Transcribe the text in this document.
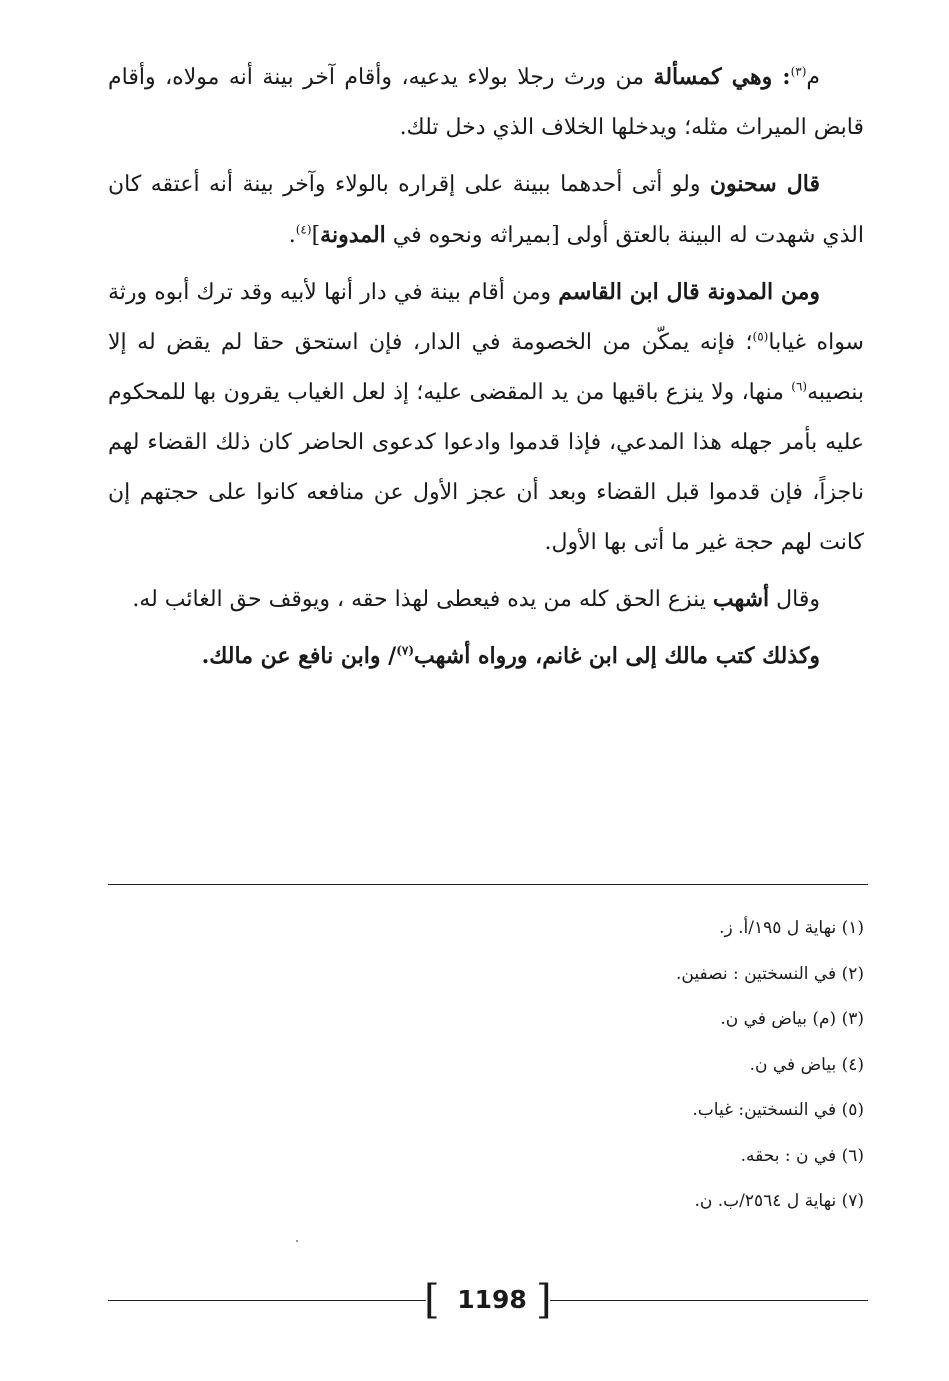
م$^{(٣)}$: وهي كمسألة من ورث رجلا بولاء يدعيه، وأقام آخر بينة أنه مولاه، وأقام قابض الميراث مثله؛ ويدخلها الخلاف الذي دخل تلك.

قال سحنون ولو أتى أحدهما ببينة على إقراره بالولاء وآخر بينة أنه أعتقه كان الذي شهدت له البينة بالعتق أولى [بميراثه ونحوه في المدونة]$^{(٤)}$.

ومن المدونة قال ابن القاسم ومن أقام بينة في دار أنها لأبيه وقد ترك أبوه ورثة سواه غيابا$^{(٥)}$؛ فإنه يمكّن من الخصومة في الدار، فإن استحق حقا لم يقض له إلا بنصيبه$^{(٦)}$ منها، ولا ينزع باقيها من يد المقضى عليه؛ إذ لعل الغياب يقرون بها للمحكوم عليه بأمر جهله هذا المدعي، فإذا قدموا وادعوا كدعوى الحاضر كان ذلك القضاء لهم ناجزاً، فإن قدموا قبل القضاء وبعد أن عجز الأول عن منافعه كانوا على حجتهم إن كانت لهم حجة غير ما أتى بها الأول.

وقال أشهب ينزع الحق كله من يده فيعطى لهذا حقه ، ويوقف حق الغائب له.

وكذلك كتب مالك إلى ابن غانم، ورواه أشهب$^{(٧)}$/ وابن نافع عن مالك.

(١) نهاية ل ١٩٥/أ. ز.

(٢) في النسختين : نصفين.

(٣) (م) بياض في ن.

(٤) بياض في ن.

(٥) في النسختين: غياب.

(٦) في ن : بحقه.

(٧) نهاية ل ٢٥٦٤/ب. ن.

[ 1198 ]
